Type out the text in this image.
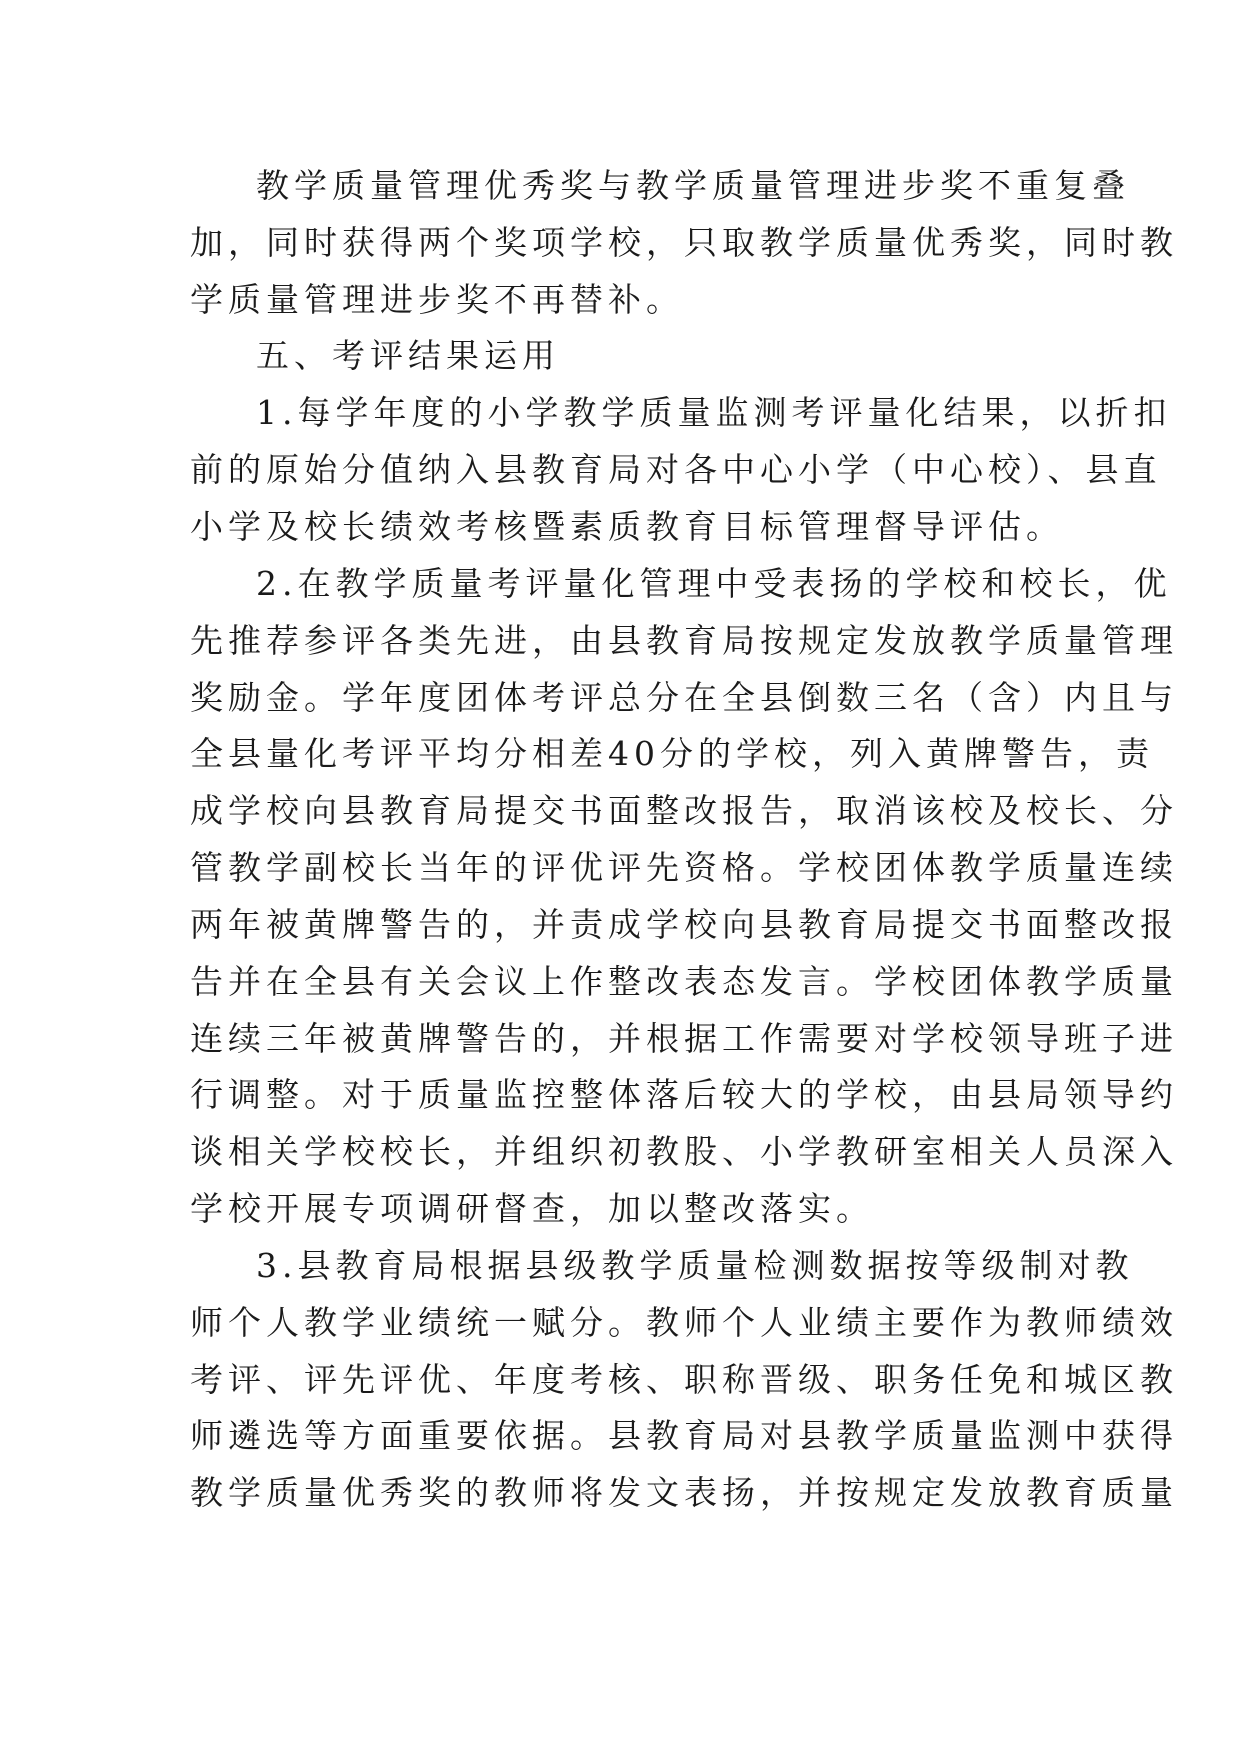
教学质量管理优秀奖与教学质量管理进步奖不重复叠
加，同时获得两个奖项学校，只取教学质量优秀奖，同时教
学质量管理进步奖不再替补。
五、考评结果运用
1.每学年度的小学教学质量监测考评量化结果，以折扣
前的原始分值纳入县教育局对各中心小学（中心校）、县直
小学及校长绩效考核暨素质教育目标管理督导评估。
2.在教学质量考评量化管理中受表扬的学校和校长，优
先推荐参评各类先进，由县教育局按规定发放教学质量管理
奖励金。学年度团体考评总分在全县倒数三名（含）内且与
全县量化考评平均分相差40分的学校，列入黄牌警告，责
成学校向县教育局提交书面整改报告，取消该校及校长、分
管教学副校长当年的评优评先资格。学校团体教学质量连续
两年被黄牌警告的，并责成学校向县教育局提交书面整改报
告并在全县有关会议上作整改表态发言。学校团体教学质量
连续三年被黄牌警告的，并根据工作需要对学校领导班子进
行调整。对于质量监控整体落后较大的学校，由县局领导约
谈相关学校校长，并组织初教股、小学教研室相关人员深入
学校开展专项调研督查，加以整改落实。
3.县教育局根据县级教学质量检测数据按等级制对教
师个人教学业绩统一赋分。教师个人业绩主要作为教师绩效
考评、评先评优、年度考核、职称晋级、职务任免和城区教
师遴选等方面重要依据。县教育局对县教学质量监测中获得
教学质量优秀奖的教师将发文表扬，并按规定发放教育质量
